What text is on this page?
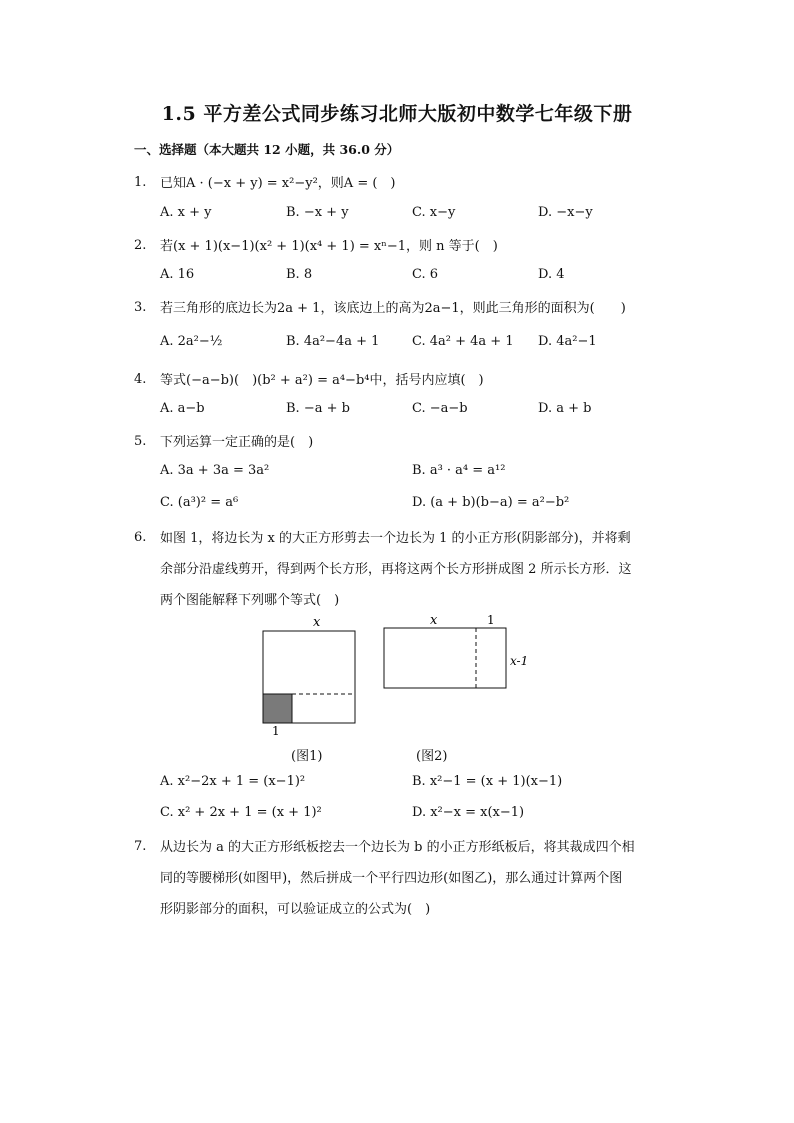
1.5 平方差公式同步练习北师大版初中数学七年级下册
一、选择题（本大题共 12 小题，共 36.0 分）
1. 已知A · (−x + y) = x²−y²，则A = (　)
A. x + y	B. −x + y	C. x−y	D. −x−y
2. 若(x + 1)(x−1)(x² + 1)(x⁴ + 1) = xⁿ−1，则 n 等于(　)
A. 16	B. 8	C. 6	D. 4
3. 若三角形的底边长为2a + 1，该底边上的高为2a−1，则此三角形的面积为(　　)
A. 2a²−½	B. 4a²−4a + 1	C. 4a² + 4a + 1 D. 4a²−1
4. 等式(−a−b)(　)(b² + a²) = a⁴−b⁴中，括号内应填(　)
A. a−b	B. −a + b	C. −a−b	D. a + b
5. 下列运算一定正确的是(　)
A. 3a + 3a = 3a²	B. a³ · a⁴ = a¹²
C. (a³)² = a⁶	D. (a + b)(b−a) = a²−b²
6. 如图 1，将边长为 x 的大正方形剪去一个边长为 1 的小正方形(阴影部分)，并将剩
余部分沿虚线剪开，得到两个长方形，再将这两个长方形拼成图 2 所示长方形．这
两个图能解释下列哪个等式(　)
x
1
x	1
x-1
(图1)	(图2)
A. x²−2x + 1 = (x−1)²	B. x²−1 = (x + 1)(x−1)
C. x² + 2x + 1 = (x + 1)²	D. x²−x = x(x−1)
7. 从边长为 a 的大正方形纸板挖去一个边长为 b 的小正方形纸板后，将其裁成四个相
同的等腰梯形(如图甲)，然后拼成一个平行四边形(如图乙)，那么通过计算两个图
形阴影部分的面积，可以验证成立的公式为(　)
